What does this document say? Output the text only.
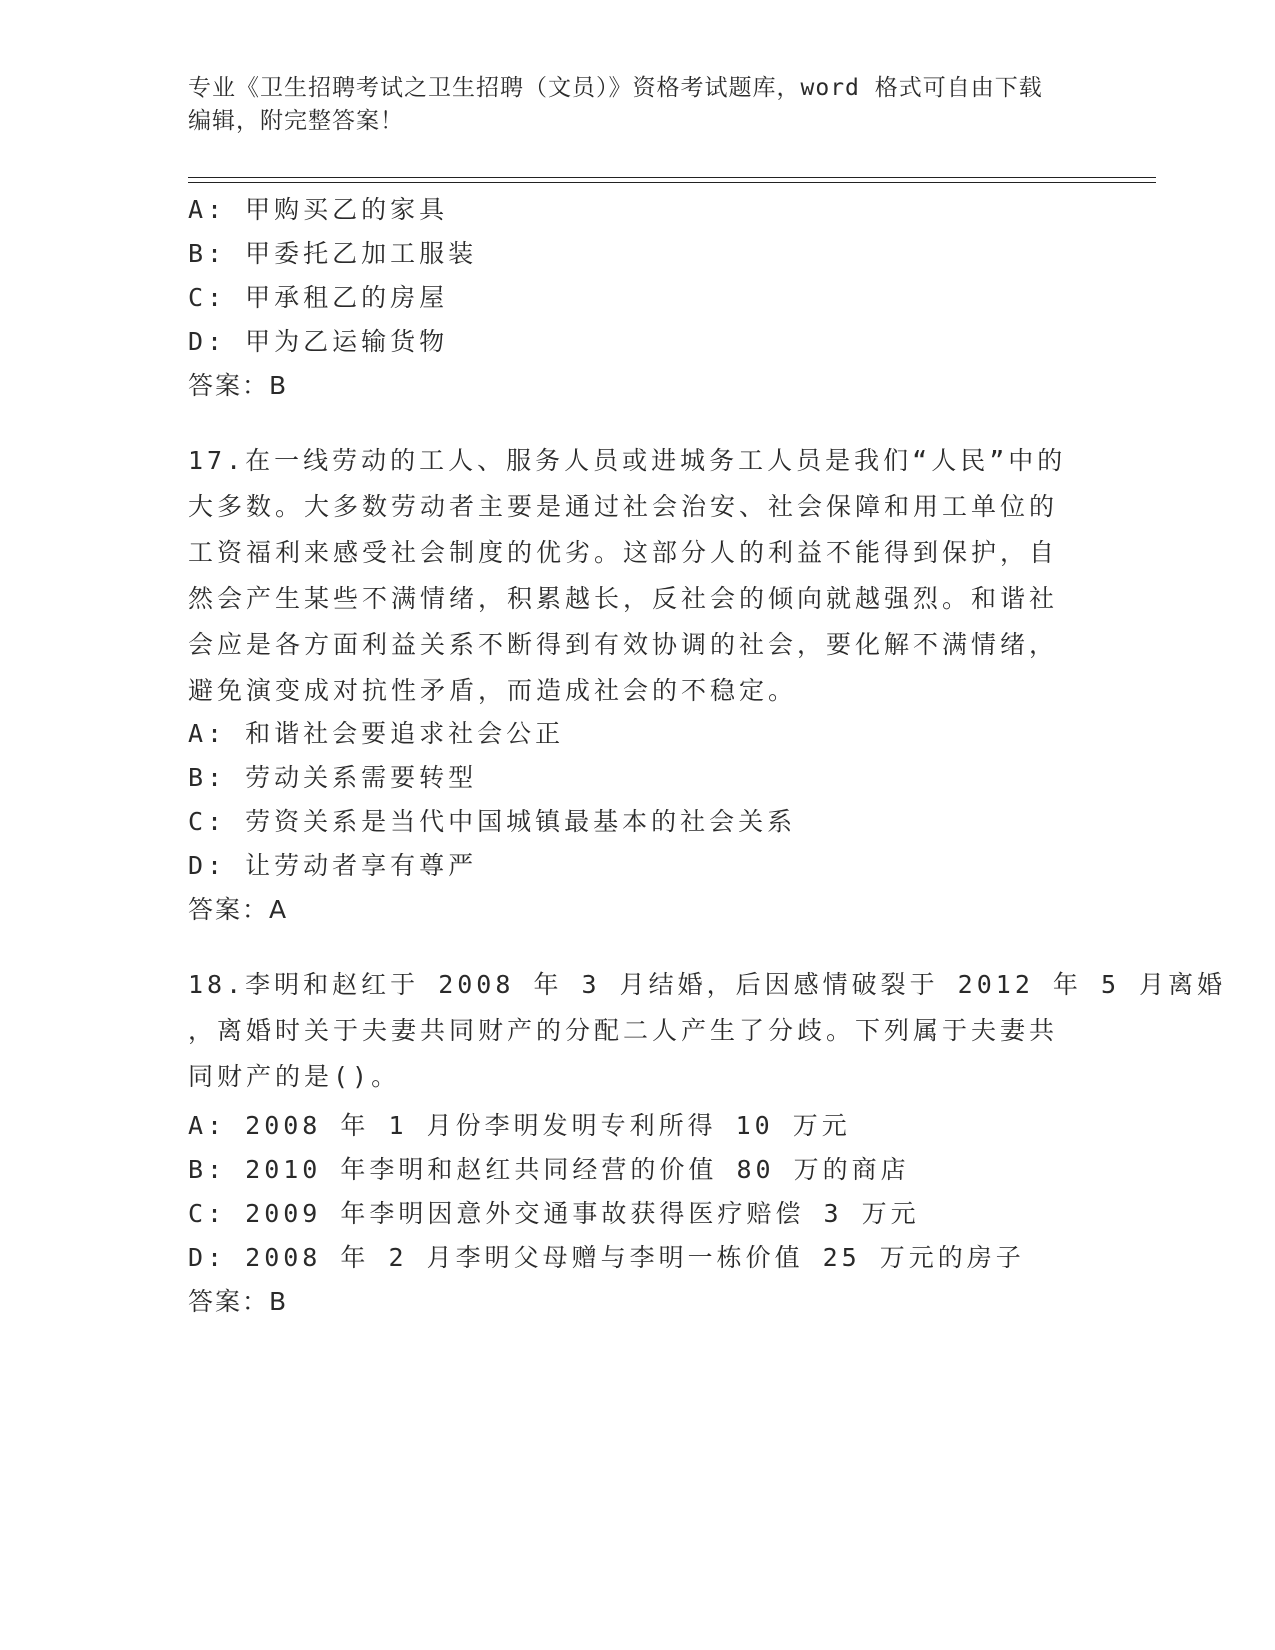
专业《卫生招聘考试之卫生招聘（文员）》资格考试题库，word 格式可自由下载
编辑，附完整答案！
A: 甲购买乙的家具
B: 甲委托乙加工服装
C: 甲承租乙的房屋
D: 甲为乙运输货物
答案：B
17.在一线劳动的工人、服务人员或进城务工人员是我们“人民”中的
大多数。大多数劳动者主要是通过社会治安、社会保障和用工单位的
工资福利来感受社会制度的优劣。这部分人的利益不能得到保护，自
然会产生某些不满情绪，积累越长，反社会的倾向就越强烈。和谐社
会应是各方面利益关系不断得到有效协调的社会，要化解不满情绪，
避免演变成对抗性矛盾，而造成社会的不稳定。
A: 和谐社会要追求社会公正
B: 劳动关系需要转型
C: 劳资关系是当代中国城镇最基本的社会关系
D: 让劳动者享有尊严
答案：A
18.李明和赵红于 2008 年 3 月结婚，后因感情破裂于 2012 年 5 月离婚
，离婚时关于夫妻共同财产的分配二人产生了分歧。下列属于夫妻共
同财产的是()。
A: 2008 年 1 月份李明发明专利所得 10 万元
B: 2010 年李明和赵红共同经营的价值 80 万的商店
C: 2009 年李明因意外交通事故获得医疗赔偿 3 万元
D: 2008 年 2 月李明父母赠与李明一栋价值 25 万元的房子
答案：B
